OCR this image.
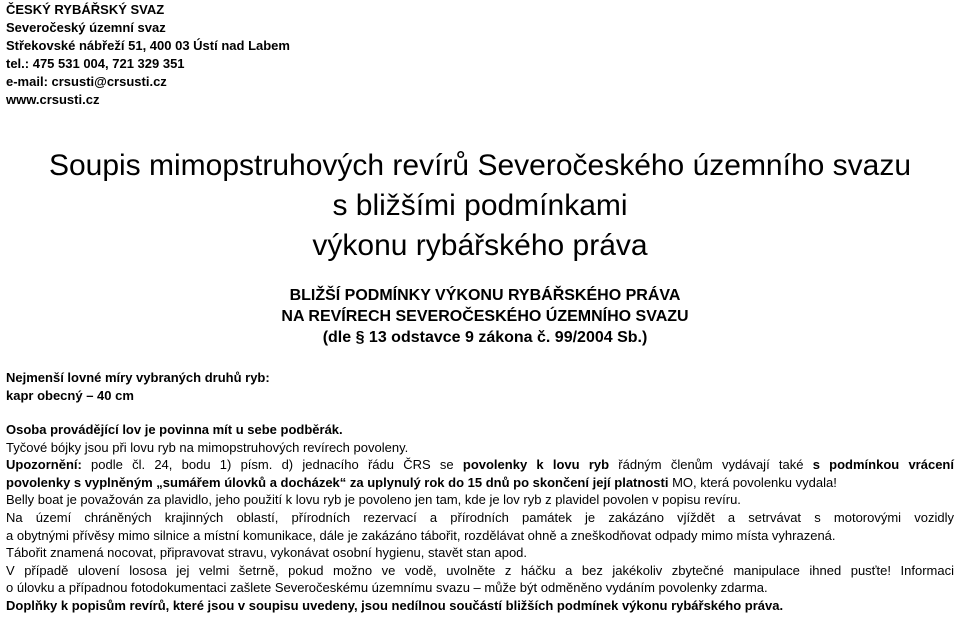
ČESKÝ RYBÁŘSKÝ SVAZ
Severočeský územní svaz
Střekovské nábřeží 51, 400 03 Ústí nad Labem
tel.: 475 531 004, 721 329 351
e-mail: crsusti@crsusti.cz
www.crsusti.cz
Soupis mimopstruhových revírů Severočeského územního svazu
s bližšími podmínkami
výkonu rybářského práva
BLIŽŠÍ PODMÍNKY VÝKONU RYBÁŘSKÉHO PRÁVA
NA REVÍRECH SEVEROČESKÉHO ÚZEMNÍHO SVAZU
(dle § 13 odstavce 9 zákona č. 99/2004 Sb.)
Nejmenší lovné míry vybraných druhů ryb:
kapr obecný – 40 cm

Osoba provádějící lov je povinna mít u sebe podběrák.

Tyčové bójky jsou při lovu ryb na mimopstruhových revírech povoleny.

Upozornění: podle čl. 24, bodu 1) písm. d) jednacího řádu ČRS se povolenky k lovu ryb řádným členům vydávají také s podmínkou vrácení

povolenky s vyplněným „sumářem úlovků a docházek“ za uplynulý rok do 15 dnů po skončení její platnosti MO, která povolenku vydala!

Belly boat je považován za plavidlo, jeho použití k lovu ryb je povoleno jen tam, kde je lov ryb z plavidel povolen v popisu revíru.

Na území chráněných krajinných oblastí, přírodních rezervací a přírodních památek je zakázáno vjíždět a setrvávat s motorovými vozidly

a obytnými přívěsy mimo silnice a místní komunikace, dále je zakázáno tábořit, rozdělávat ohně a zneškodňovat odpady mimo místa vyhrazená.

Tábořit znamená nocovat, připravovat stravu, vykonávat osobní hygienu, stavět stan apod.

V případě ulovení lososa jej velmi šetrně, pokud možno ve vodě, uvolněte z háčku a bez jakékoliv zbytečné manipulace ihned pusťte! Informaci

o úlovku a případnou fotodokumentaci zašlete Severočeskému územnímu svazu – může být odměněno vydáním povolenky zdarma.

Doplňky k popisům revírů, které jsou v soupisu uvedeny, jsou nedílnou součástí bližších podmínek výkonu rybářského práva.
